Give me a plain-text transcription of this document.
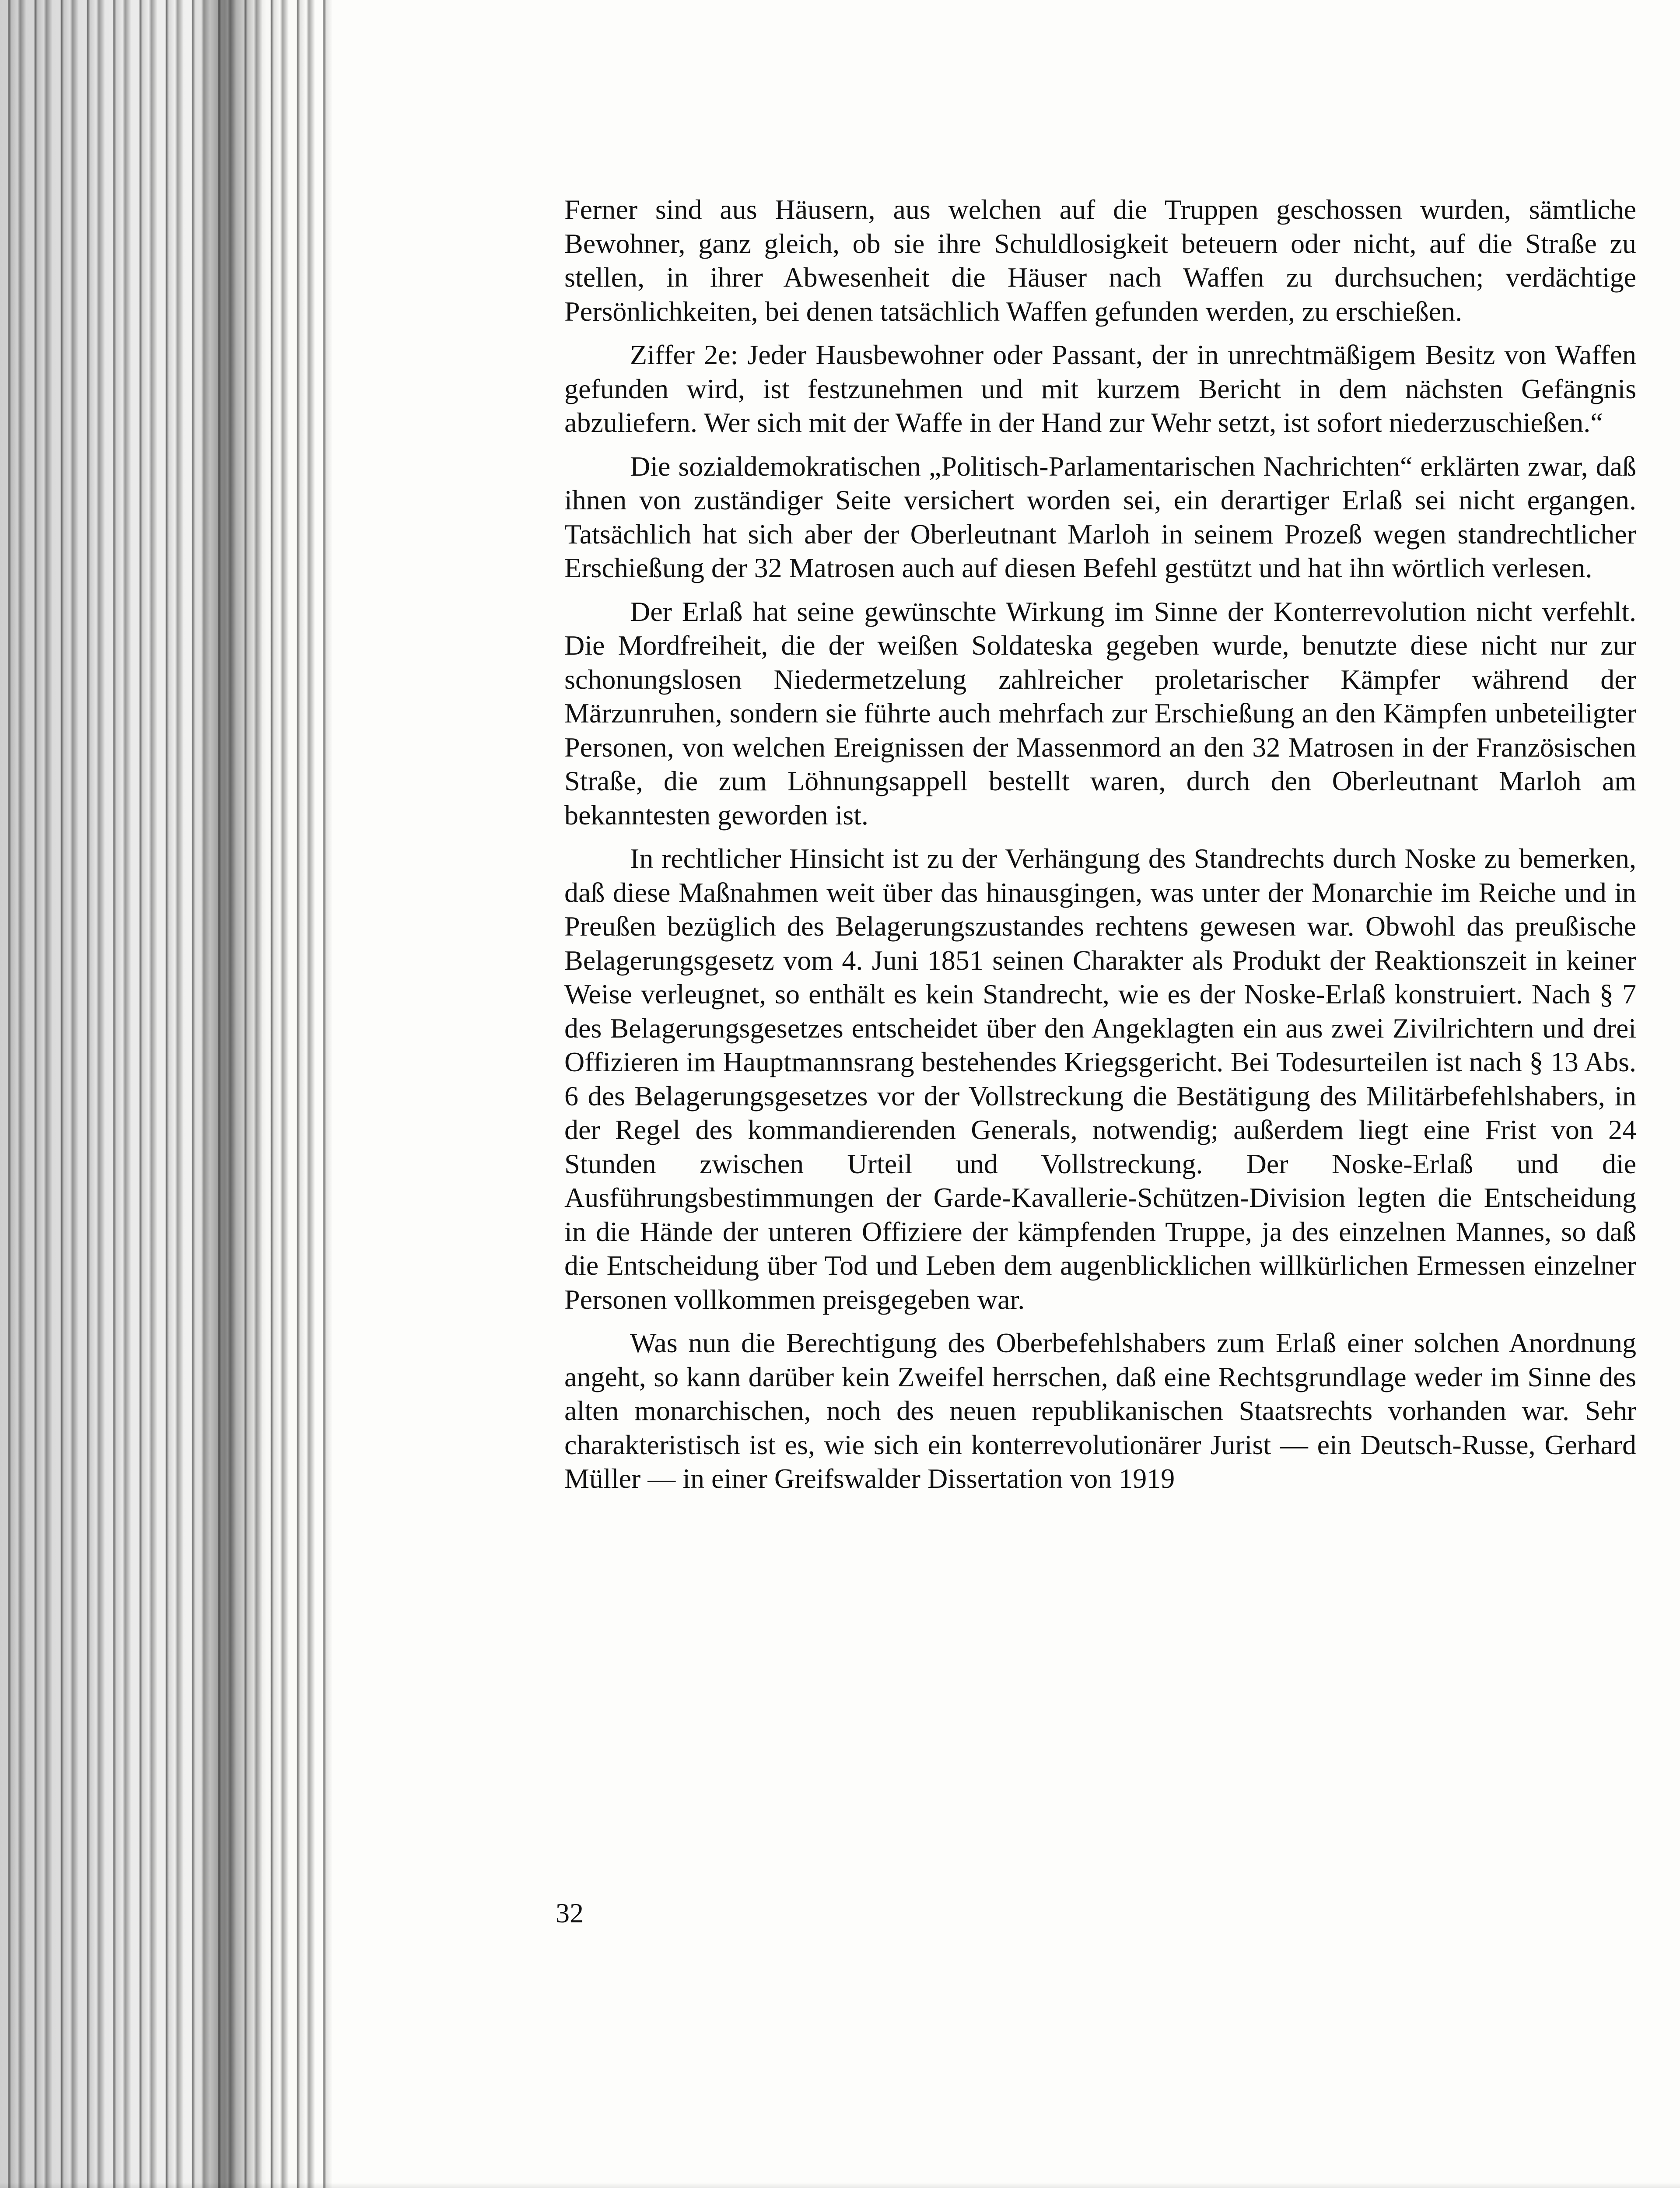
Ferner sind aus Häusern, aus welchen auf die Truppen geschossen wurden, sämtliche Bewohner, ganz gleich, ob sie ihre Schuldlosigkeit beteuern oder nicht, auf die Straße zu stellen, in ihrer Abwesenheit die Häuser nach Waffen zu durchsuchen; verdächtige Persönlichkeiten, bei denen tatsächlich Waffen gefunden werden, zu erschießen.

Ziffer 2e: Jeder Hausbewohner oder Passant, der in unrechtmäßigem Besitz von Waffen gefunden wird, ist festzunehmen und mit kurzem Bericht in dem nächsten Gefängnis abzuliefern. Wer sich mit der Waffe in der Hand zur Wehr setzt, ist sofort niederzuschießen.“

Die sozialdemokratischen „Politisch-Parlamentarischen Nachrichten“ erklärten zwar, daß ihnen von zuständiger Seite versichert worden sei, ein derartiger Erlaß sei nicht ergangen. Tatsächlich hat sich aber der Oberleutnant Marloh in seinem Prozeß wegen standrechtlicher Erschießung der 32 Matrosen auch auf diesen Befehl gestützt und hat ihn wörtlich verlesen.

Der Erlaß hat seine gewünschte Wirkung im Sinne der Konterrevolution nicht verfehlt. Die Mordfreiheit, die der weißen Soldateska gegeben wurde, benutzte diese nicht nur zur schonungslosen Niedermetzelung zahlreicher proletarischer Kämpfer während der Märzunruhen, sondern sie führte auch mehrfach zur Erschießung an den Kämpfen unbeteiligter Personen, von welchen Ereignissen der Massenmord an den 32 Matrosen in der Französischen Straße, die zum Löhnungsappell bestellt waren, durch den Oberleutnant Marloh am bekanntesten geworden ist.

In rechtlicher Hinsicht ist zu der Verhängung des Standrechts durch Noske zu bemerken, daß diese Maßnahmen weit über das hinausgingen, was unter der Monarchie im Reiche und in Preußen bezüglich des Belagerungszustandes rechtens gewesen war. Obwohl das preußische Belagerungsgesetz vom 4. Juni 1851 seinen Charakter als Produkt der Reaktionszeit in keiner Weise verleugnet, so enthält es kein Standrecht, wie es der Noske-Erlaß konstruiert. Nach § 7 des Belagerungsgesetzes entscheidet über den Angeklagten ein aus zwei Zivilrichtern und drei Offizieren im Hauptmannsrang bestehendes Kriegsgericht. Bei Todesurteilen ist nach § 13 Abs. 6 des Belagerungsgesetzes vor der Vollstreckung die Bestätigung des Militärbefehlshabers, in der Regel des kommandierenden Generals, notwendig; außerdem liegt eine Frist von 24 Stunden zwischen Urteil und Vollstreckung. Der Noske-Erlaß und die Ausführungsbestimmungen der Garde-Kavallerie-Schützen-Division legten die Entscheidung in die Hände der unteren Offiziere der kämpfenden Truppe, ja des einzelnen Mannes, so daß die Entscheidung über Tod und Leben dem augenblicklichen willkürlichen Ermessen einzelner Personen vollkommen preisgegeben war.

Was nun die Berechtigung des Oberbefehlshabers zum Erlaß einer solchen Anordnung angeht, so kann darüber kein Zweifel herrschen, daß eine Rechtsgrundlage weder im Sinne des alten monarchischen, noch des neuen republikanischen Staatsrechts vorhanden war. Sehr charakteristisch ist es, wie sich ein konterrevolutionärer Jurist — ein Deutsch-Russe, Gerhard Müller — in einer Greifswalder Dissertation von 1919

32
